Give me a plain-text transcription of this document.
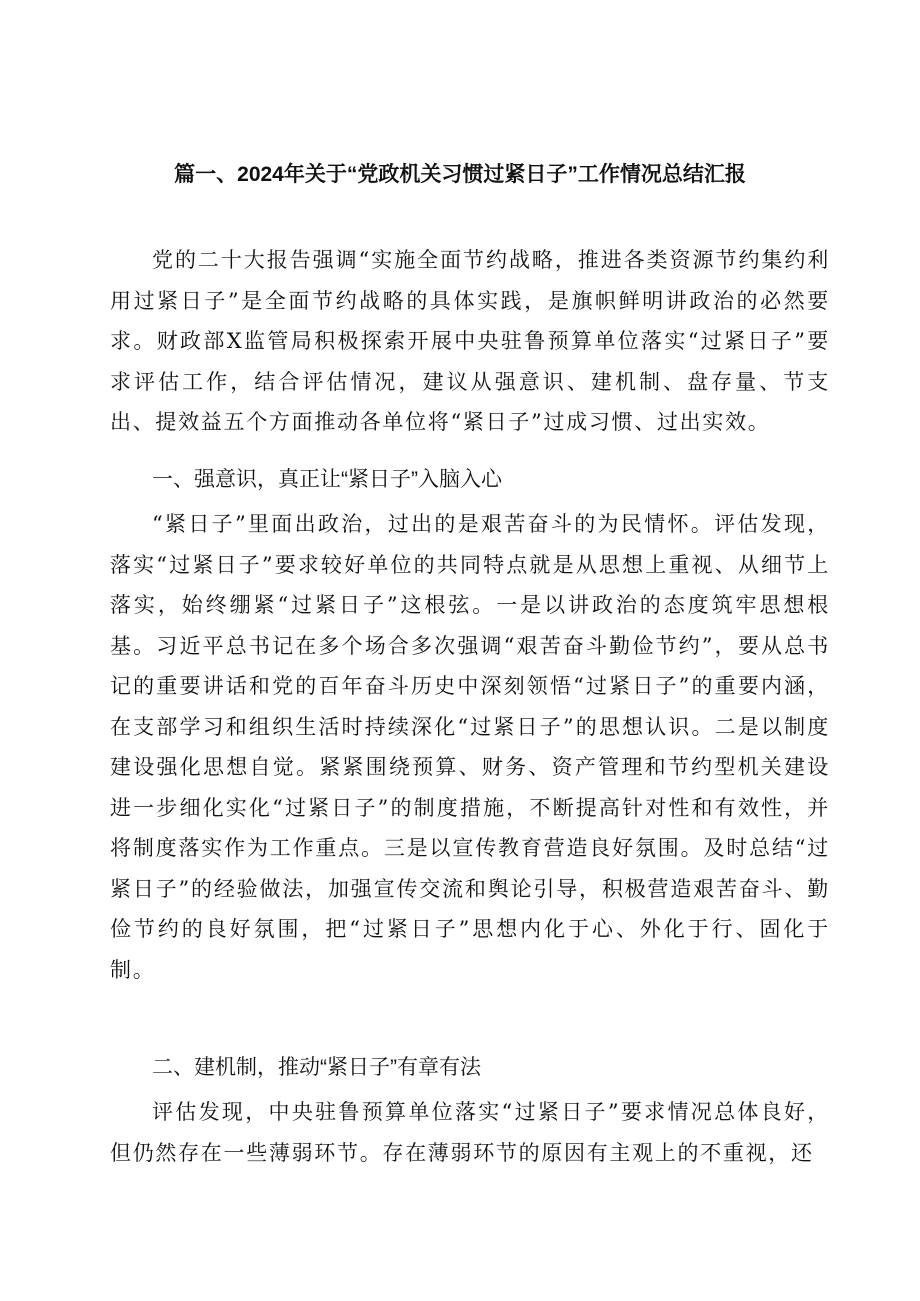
篇一、2024年关于“党政机关习惯过紧日子”工作情况总结汇报

党的二十大报告强调“实施全面节约战略，推进各类资源节约集约利用过紧日子”是全面节约战略的具体实践，是旗帜鲜明讲政治的必然要求。财政部X监管局积极探索开展中央驻鲁预算单位落实“过紧日子”要求评估工作，结合评估情况，建议从强意识、建机制、盘存量、节支出、提效益五个方面推动各单位将“紧日子”过成习惯、过出实效。

一、强意识，真正让“紧日子”入脑入心

“紧日子”里面出政治，过出的是艰苦奋斗的为民情怀。评估发现，落实“过紧日子”要求较好单位的共同特点就是从思想上重视、从细节上落实，始终绷紧“过紧日子”这根弦。一是以讲政治的态度筑牢思想根基。习近平总书记在多个场合多次强调“艰苦奋斗勤俭节约”，要从总书记的重要讲话和党的百年奋斗历史中深刻领悟“过紧日子”的重要内涵，在支部学习和组织生活时持续深化“过紧日子”的思想认识。二是以制度建设强化思想自觉。紧紧围绕预算、财务、资产管理和节约型机关建设进一步细化实化“过紧日子”的制度措施，不断提高针对性和有效性，并将制度落实作为工作重点。三是以宣传教育营造良好氛围。及时总结“过紧日子”的经验做法，加强宣传交流和舆论引导，积极营造艰苦奋斗、勤俭节约的良好氛围，把“过紧日子”思想内化于心、外化于行、固化于制。

二、建机制，推动“紧日子”有章有法

评估发现，中央驻鲁预算单位落实“过紧日子”要求情况总体良好，但仍然存在一些薄弱环节。存在薄弱环节的原因有主观上的不重视，还
